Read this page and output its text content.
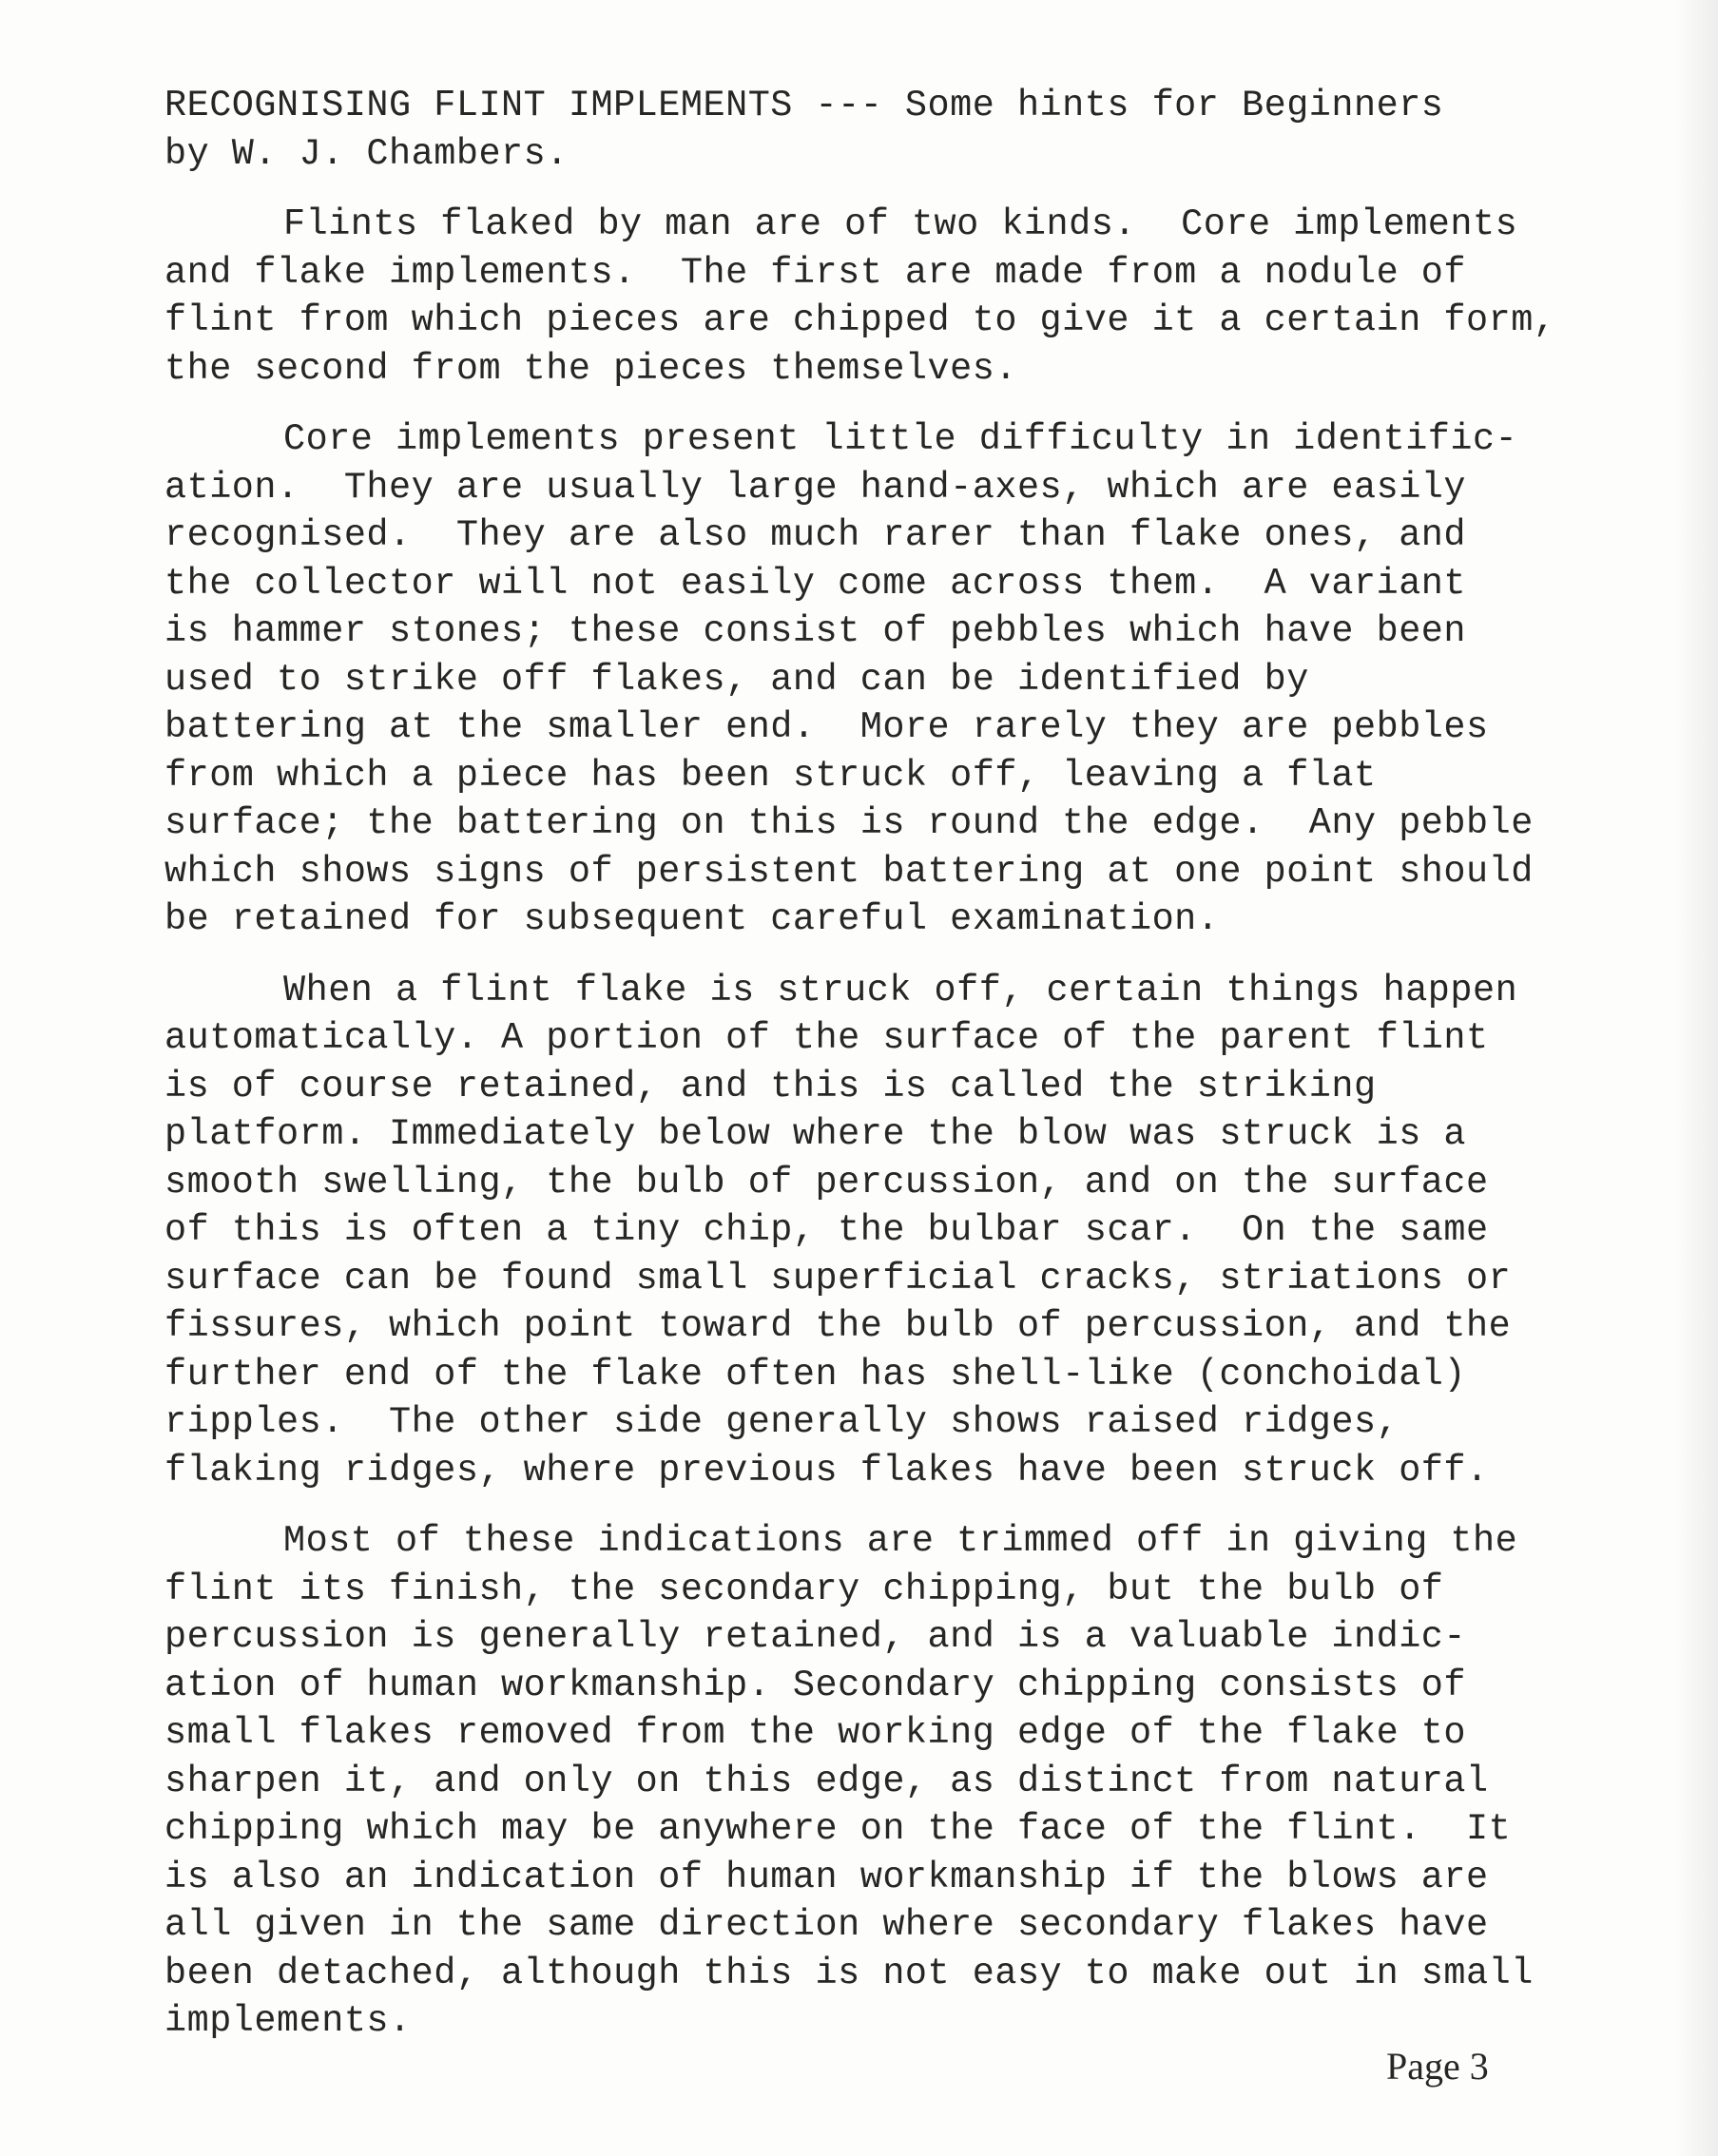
RECOGNISING FLINT IMPLEMENTS --- Some hints for Beginners
by W. J. Chambers.
Flints flaked by man are of two kinds.  Core implements
and flake implements.  The first are made from a nodule of
flint from which pieces are chipped to give it a certain form,
the second from the pieces themselves.
Core implements present little difficulty in identific-
ation.  They are usually large hand-axes, which are easily
recognised.  They are also much rarer than flake ones, and
the collector will not easily come across them.  A variant
is hammer stones; these consist of pebbles which have been
used to strike off flakes, and can be identified by
battering at the smaller end.  More rarely they are pebbles
from which a piece has been struck off, leaving a flat
surface; the battering on this is round the edge.  Any pebble
which shows signs of persistent battering at one point should
be retained for subsequent careful examination.
When a flint flake is struck off, certain things happen
automatically. A portion of the surface of the parent flint
is of course retained, and this is called the striking
platform. Immediately below where the blow was struck is a
smooth swelling, the bulb of percussion, and on the surface
of this is often a tiny chip, the bulbar scar.  On the same
surface can be found small superficial cracks, striations or
fissures, which point toward the bulb of percussion, and the
further end of the flake often has shell-like (conchoidal)
ripples.  The other side generally shows raised ridges,
flaking ridges, where previous flakes have been struck off.
Most of these indications are trimmed off in giving the
flint its finish, the secondary chipping, but the bulb of
percussion is generally retained, and is a valuable indic-
ation of human workmanship. Secondary chipping consists of
small flakes removed from the working edge of the flake to
sharpen it, and only on this edge, as distinct from natural
chipping which may be anywhere on the face of the flint.  It
is also an indication of human workmanship if the blows are
all given in the same direction where secondary flakes have
been detached, although this is not easy to make out in small
implements.
Page 3
